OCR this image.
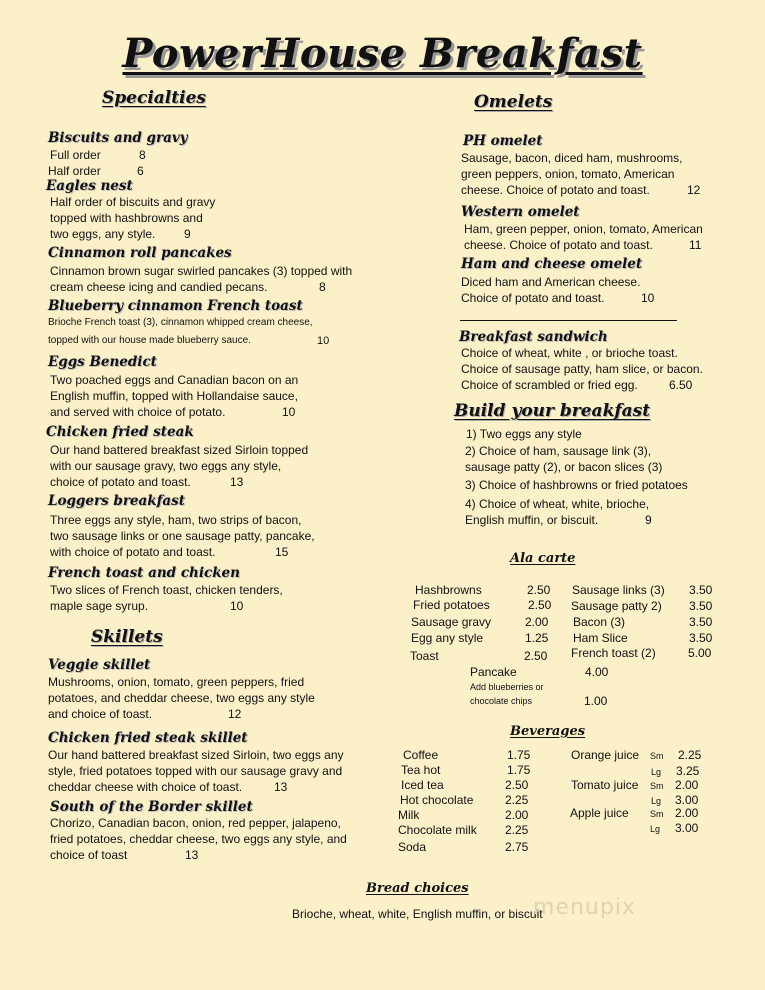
PowerHouse Breakfast
Specialties
Biscuits and gravy
Full order	8
Half order	6
Eagles nest
Half order of biscuits and gravy
topped with hashbrowns and
two eggs, any style. 9
Cinnamon roll pancakes
Cinnamon brown sugar swirled pancakes (3) topped with
cream cheese icing and candied pecans.	8
Blueberry cinnamon French toast
Brioche French toast (3), cinnamon whipped cream cheese,
topped with our house made blueberry sauce.	10
Eggs Benedict
Two poached eggs and Canadian bacon on an
English muffin, topped with Hollandaise sauce,
and served with choice of potato.	10
Chicken fried steak
Our hand battered breakfast sized Sirloin topped
with our sausage gravy, two eggs any style,
choice of potato and toast.	13
Loggers breakfast
Three eggs any style, ham, two strips of bacon,
two sausage links or one sausage patty, pancake,
with choice of potato and toast.	15
French toast and chicken
Two slices of French toast, chicken tenders,
maple sage syrup.	10
Skillets
Veggie skillet
Mushrooms, onion, tomato, green peppers, fried
potatoes, and cheddar cheese, two eggs any style
and choice of toast.	12
Chicken fried steak skillet
Our hand battered breakfast sized Sirloin, two eggs any
style, fried potatoes topped with our sausage gravy and
cheddar cheese with choice of toast.	13
South of the Border skillet
Chorizo, Canadian bacon, onion, red pepper, jalapeno,
fried potatoes, cheddar cheese, two eggs any style, and
choice of toast	13
Omelets
PH omelet
Sausage, bacon, diced ham, mushrooms,
green peppers, onion, tomato, American
cheese. Choice of potato and toast.	12
Western omelet
Ham, green pepper, onion, tomato, American
cheese. Choice of potato and toast.	11
Ham and cheese omelet
Diced ham and American cheese.
Choice of potato and toast.	10
Breakfast sandwich
Choice of wheat, white , or brioche toast.
Choice of sausage patty, ham slice, or bacon.
Choice of scrambled or fried egg.	6.50
Build your breakfast
1) Two eggs any style
2) Choice of ham, sausage link (3),
sausage patty (2), or bacon slices (3)
3) Choice of hashbrowns or fried potatoes
4) Choice of wheat, white, brioche,
English muffin, or biscuit.	9
Ala carte
Hashbrowns	2.50
Fried potatoes	2.50
Sausage gravy	2.00
Egg any style	1.25
Toast	2.50
Sausage links (3) 3.50
Sausage patty 2) 3.50
Bacon (3)	3.50
Ham Slice	3.50
French toast (2)	5.00
Pancake	4.00
Add blueberries or
chocolate chips	1.00
Beverages
Coffee	1.75
Tea hot	1.75
Iced tea	2.50
Hot chocolate	2.25
Milk	2.00
Chocolate milk 2.25
Soda	2.75
Orange juice Sm 2.25
Lg 3.25
Tomato juice Sm 2.00
Lg 3.00
Apple juice Sm 2.00
Lg 3.00
Bread choices
Brioche, wheat, white, English muffin, or biscuit
menupix
